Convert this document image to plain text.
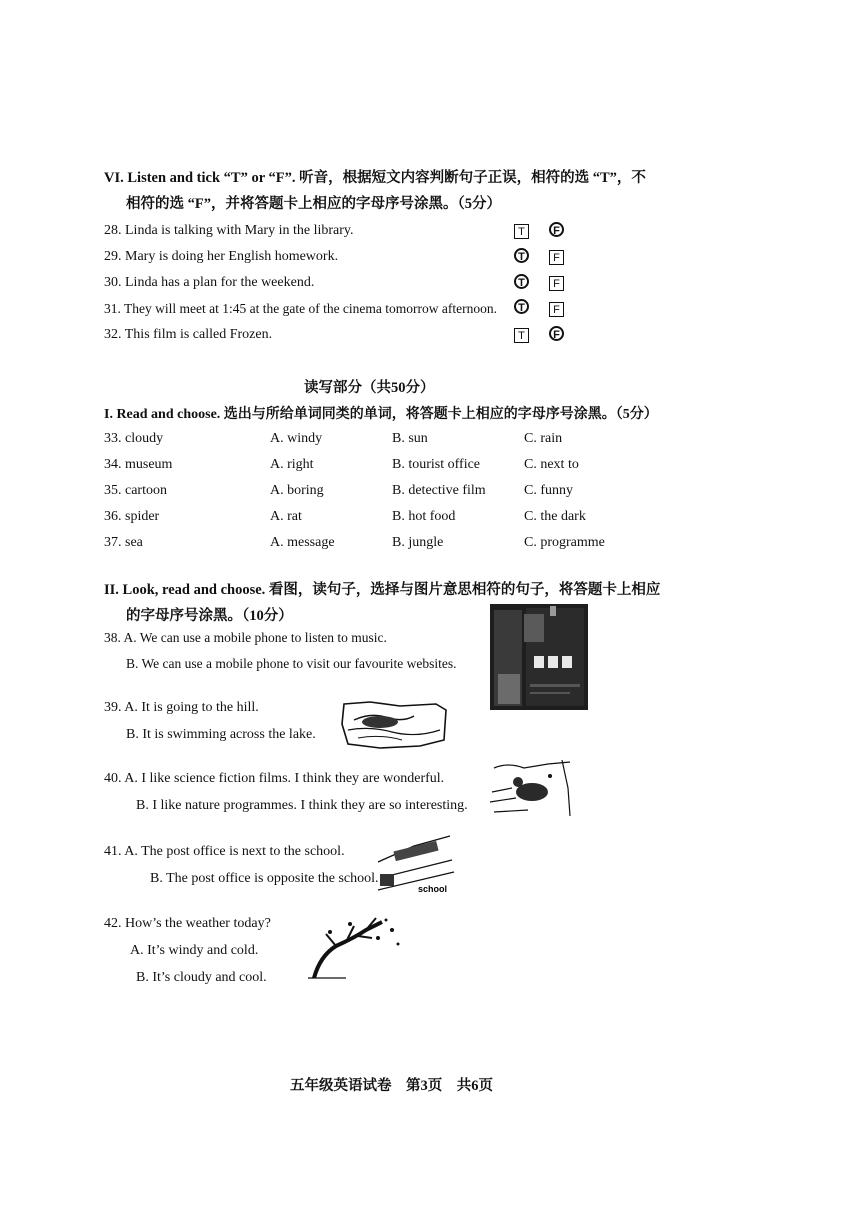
VI. Listen and tick “T” or “F”. 听音，根据短文内容判断句子正误，相符的选 “T”，不
相符的选 “F”，并将答题卡上相应的字母序号涂黑。（5分）
28. Linda is talking with Mary in the library.	T	F
29. Mary is doing her English homework.	T	F
30. Linda has a plan for the weekend.	T	F
31. They will meet at 1:45 at the gate of the cinema tomorrow afternoon.	T	F
32. This film is called Frozen.	T	F
读写部分（共50分）
I. Read and choose. 选出与所给单词同类的单词，将答题卡上相应的字母序号涂黑。（5分）
33. cloudy	A. windy	B. sun	C. rain
34. museum	A. right	B. tourist office	C. next to
35. cartoon	A. boring	B. detective film	C. funny
36. spider	A. rat	B. hot food	C. the dark
37. sea	A. message	B. jungle	C. programme
II. Look, read and choose. 看图，读句子，选择与图片意思相符的句子，将答题卡上相应
的字母序号涂黑。（10分）
38. A. We can use a mobile phone to listen to music.
B. We can use a mobile phone to visit our favourite websites.
39. A. It is going to the hill.
B. It is swimming across the lake.
40. A. I like science fiction films. I think they are wonderful.
B. I like nature programmes. I think they are so interesting.
41. A. The post office is next to the school.
B. The post office is opposite the school.
school
42. How’s the weather today?
A. It’s windy and cold.
B. It’s cloudy and cool.
五年级英语试卷　第3页　共6页
